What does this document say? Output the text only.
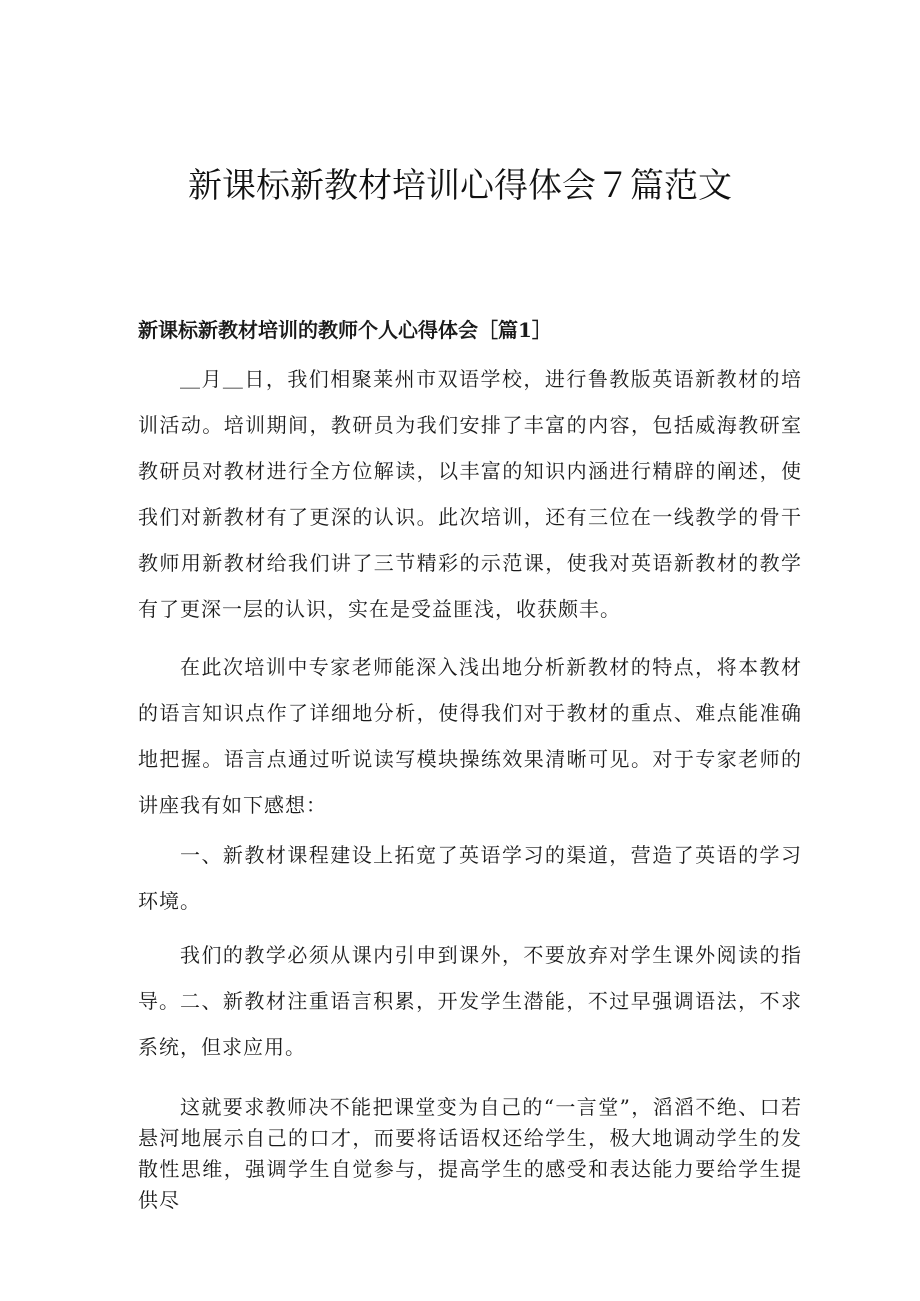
新课标新教材培训心得体会７篇范文
新课标新教材培训的教师个人心得体会［篇1］

＿月＿日，我们相聚莱州市双语学校，进行鲁教版英语新教材的培训活动。培训期间，教研员为我们安排了丰富的内容，包括威海教研室教研员对教材进行全方位解读，以丰富的知识内涵进行精辟的阐述，使我们对新教材有了更深的认识。此次培训，还有三位在一线教学的骨干教师用新教材给我们讲了三节精彩的示范课，使我对英语新教材的教学有了更深一层的认识，实在是受益匪浅，收获颇丰。

在此次培训中专家老师能深入浅出地分析新教材的特点，将本教材的语言知识点作了详细地分析，使得我们对于教材的重点、难点能准确地把握。语言点通过听说读写模块操练效果清晰可见。对于专家老师的讲座我有如下感想：

一、新教材课程建设上拓宽了英语学习的渠道，营造了英语的学习环境。

我们的教学必须从课内引申到课外，不要放弃对学生课外阅读的指导。 二、新教材注重语言积累，开发学生潜能，不过早强调语法，不求系统，但求应用。

这就要求教师决不能把课堂变为自己的“一言堂”，滔滔不绝、口若悬河地展示自己的口才，而要将话语权还给学生，极大地调动学生的发散性思维，强调学生自觉参与，提高学生的感受和表达能力要给学生提供尽
